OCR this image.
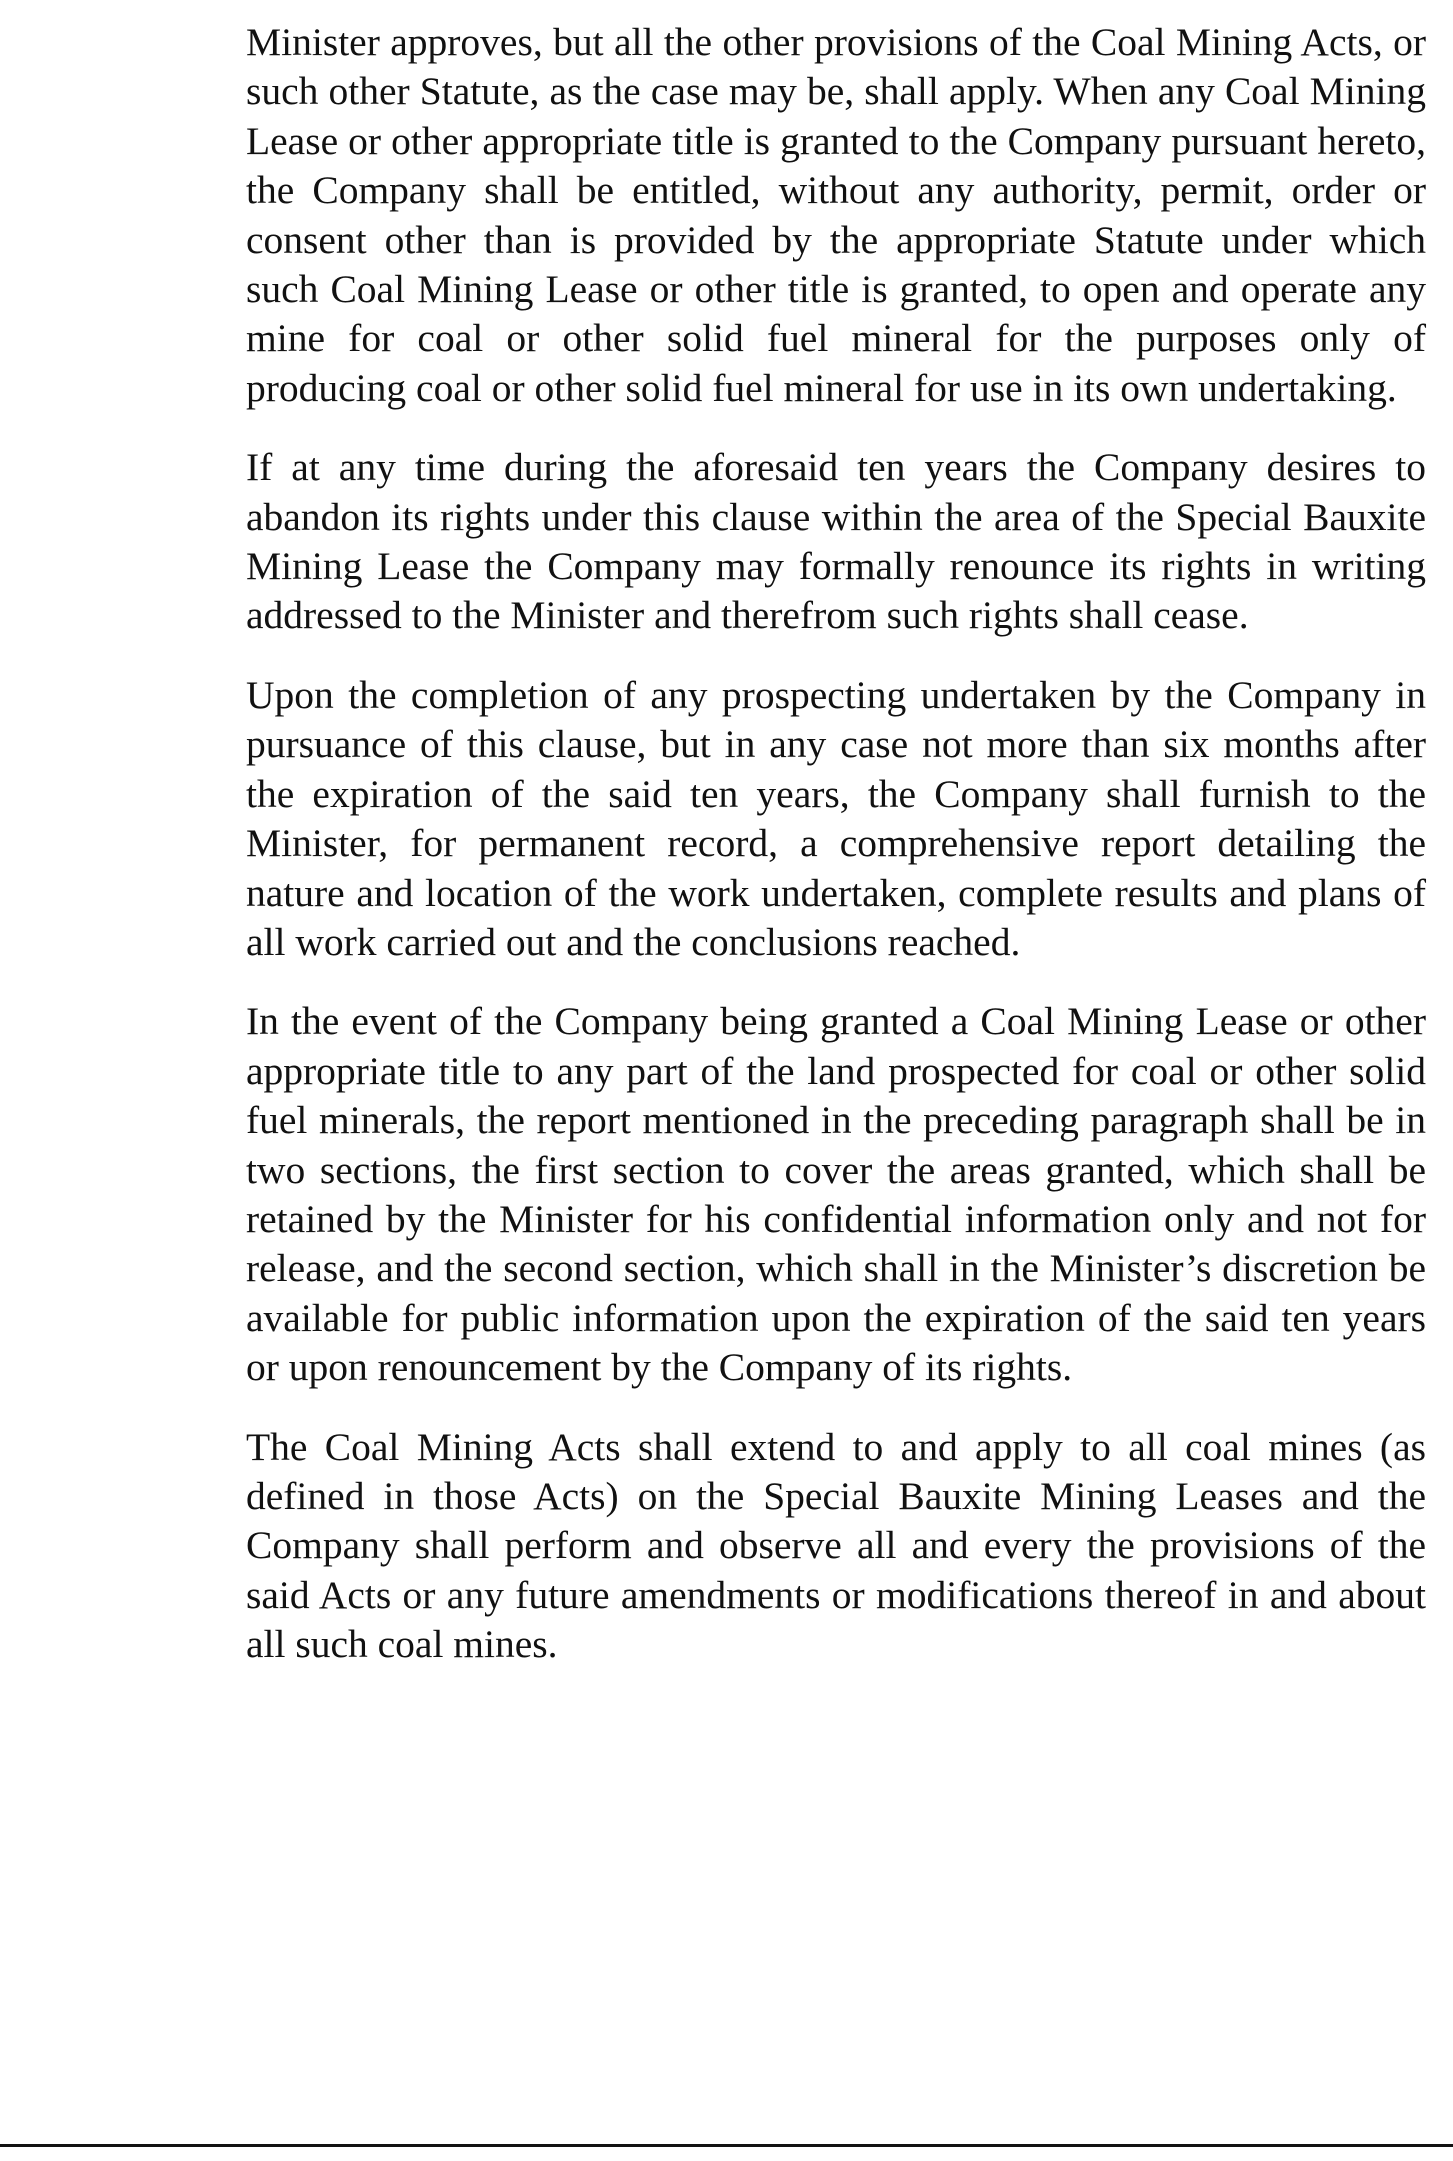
Minister approves, but all the other provisions of the Coal Mining Acts, or such other Statute, as the case may be, shall apply. When any Coal Mining Lease or other appropriate title is granted to the Company pursuant hereto, the Company shall be entitled, without any authority, permit, order or consent other than is provided by the appropriate Statute under which such Coal Mining Lease or other title is granted, to open and operate any mine for coal or other solid fuel mineral for the purposes only of producing coal or other solid fuel mineral for use in its own undertaking.

If at any time during the aforesaid ten years the Company desires to abandon its rights under this clause within the area of the Special Bauxite Mining Lease the Company may formally renounce its rights in writing addressed to the Minister and therefrom such rights shall cease.

Upon the completion of any prospecting undertaken by the Company in pursuance of this clause, but in any case not more than six months after the expiration of the said ten years, the Company shall furnish to the Minister, for permanent record, a comprehensive report detailing the nature and location of the work undertaken, complete results and plans of all work carried out and the conclusions reached.

In the event of the Company being granted a Coal Mining Lease or other appropriate title to any part of the land prospected for coal or other solid fuel minerals, the report mentioned in the preceding paragraph shall be in two sections, the first section to cover the areas granted, which shall be retained by the Minister for his confidential information only and not for release, and the second section, which shall in the Minister’s discretion be available for public information upon the expiration of the said ten years or upon renouncement by the Company of its rights.

The Coal Mining Acts shall extend to and apply to all coal mines (as defined in those Acts) on the Special Bauxite Mining Leases and the Company shall perform and observe all and every the provisions of the said Acts or any future amendments or modifications thereof in and about all such coal mines.
